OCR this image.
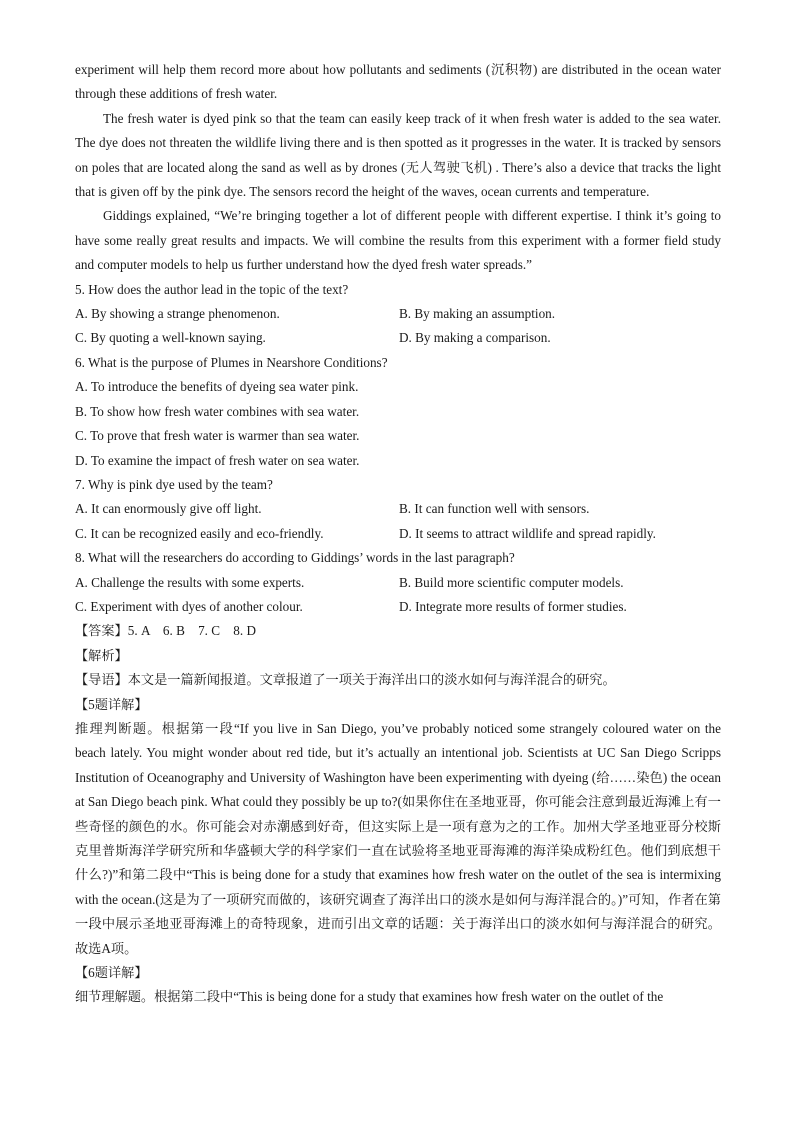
experiment will help them record more about how pollutants and sediments (沉积物) are distributed in the ocean water through these additions of fresh water.

The fresh water is dyed pink so that the team can easily keep track of it when fresh water is added to the sea water. The dye does not threaten the wildlife living there and is then spotted as it progresses in the water. It is tracked by sensors on poles that are located along the sand as well as by drones (无人驾驶飞机) . There’s also a device that tracks the light that is given off by the pink dye. The sensors record the height of the waves, ocean currents and temperature.

Giddings explained, “We’re bringing together a lot of different people with different expertise. I think it’s going to have some really great results and impacts. We will combine the results from this experiment with a former field study and computer models to help us further understand how the dyed fresh water spreads.”

5. How does the author lead in the topic of the text?

A. By showing a strange phenomenon.	B. By making an assumption.
C. By quoting a well-known saying.	D. By making a comparison.

6. What is the purpose of Plumes in Nearshore Conditions?

A. To introduce the benefits of dyeing sea water pink.

B. To show how fresh water combines with sea water.

C. To prove that fresh water is warmer than sea water.

D. To examine the impact of fresh water on sea water.

7. Why is pink dye used by the team?

A. It can enormously give off light.	B. It can function well with sensors.
C. It can be recognized easily and eco-friendly.	D. It seems to attract wildlife and spread rapidly.

8. What will the researchers do according to Giddings’ words in the last paragraph?

A. Challenge the results with some experts.	B. Build more scientific computer models.
C. Experiment with dyes of another colour.	D. Integrate more results of former studies.

【答案】5. A    6. B    7. C    8. D

【解析】

【导语】本文是一篇新闻报道。文章报道了一项关于海洋出口的淡水如何与海洋混合的研究。

【5题详解】

推理判断题。根据第一段“If you live in San Diego, you’ve probably noticed some strangely coloured water on the beach lately. You might wonder about red tide, but it’s actually an intentional job. Scientists at UC San Diego Scripps Institution of Oceanography and University of Washington have been experimenting with dyeing (给……染色) the ocean at San Diego beach pink. What could they possibly be up to?(如果你住在圣地亚哥，你可能会注意到最近海滩上有一些奇怪的颜色的水。你可能会对赤潮感到好奇，但这实际上是一项有意为之的工作。加州大学圣地亚哥分校斯克里普斯海洋学研究所和华盛顿大学的科学家们一直在试验将圣地亚哥海滩的海洋染成粉红色。他们到底想干什么?)”和第二段中“This is being done for a study that examines how fresh water on the outlet of the sea is intermixing with the ocean.(这是为了一项研究而做的，该研究调查了海洋出口的淡水是如何与海洋混合的。)”可知，作者在第一段中展示圣地亚哥海滩上的奇特现象，进而引出文章的话题：关于海洋出口的淡水如何与海洋混合的研究。故选A项。

【6题详解】

细节理解题。根据第二段中“This is being done for a study that examines how fresh water on the outlet of the
